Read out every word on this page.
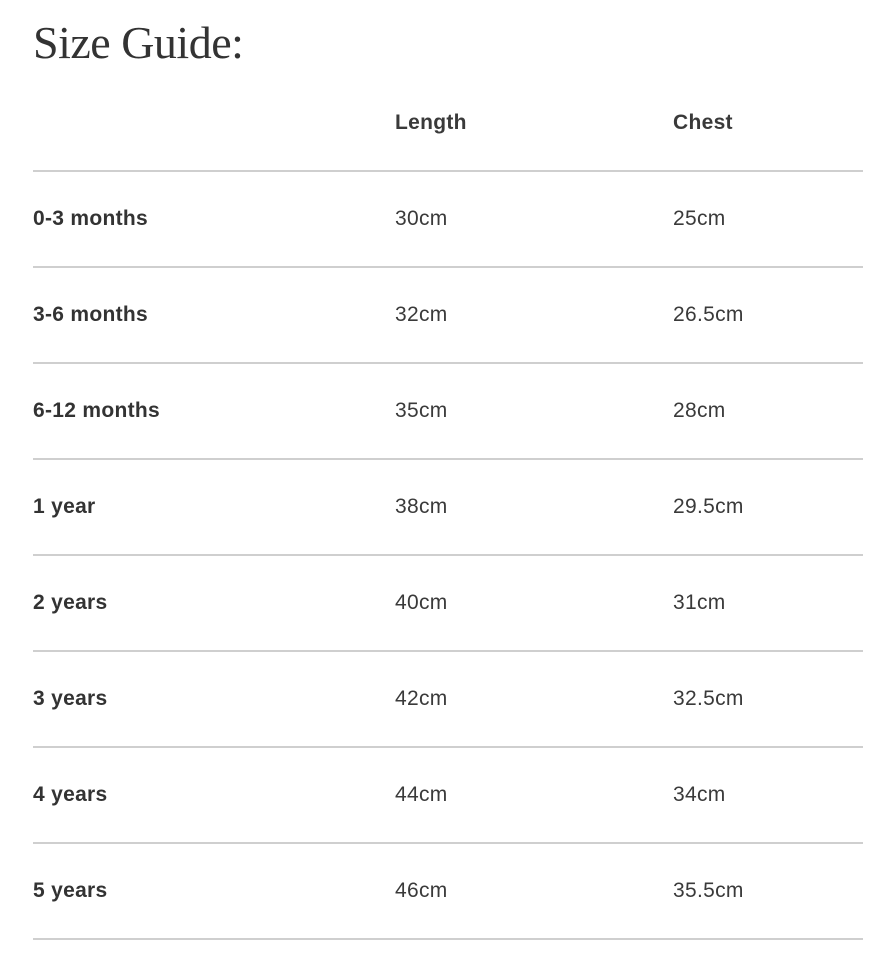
Size Guide:
	Length	Chest
0-3 months	30cm	25cm
3-6 months	32cm	26.5cm
6-12 months	35cm	28cm
1 year	38cm	29.5cm
2 years	40cm	31cm
3 years	42cm	32.5cm
4 years	44cm	34cm
5 years	46cm	35.5cm
